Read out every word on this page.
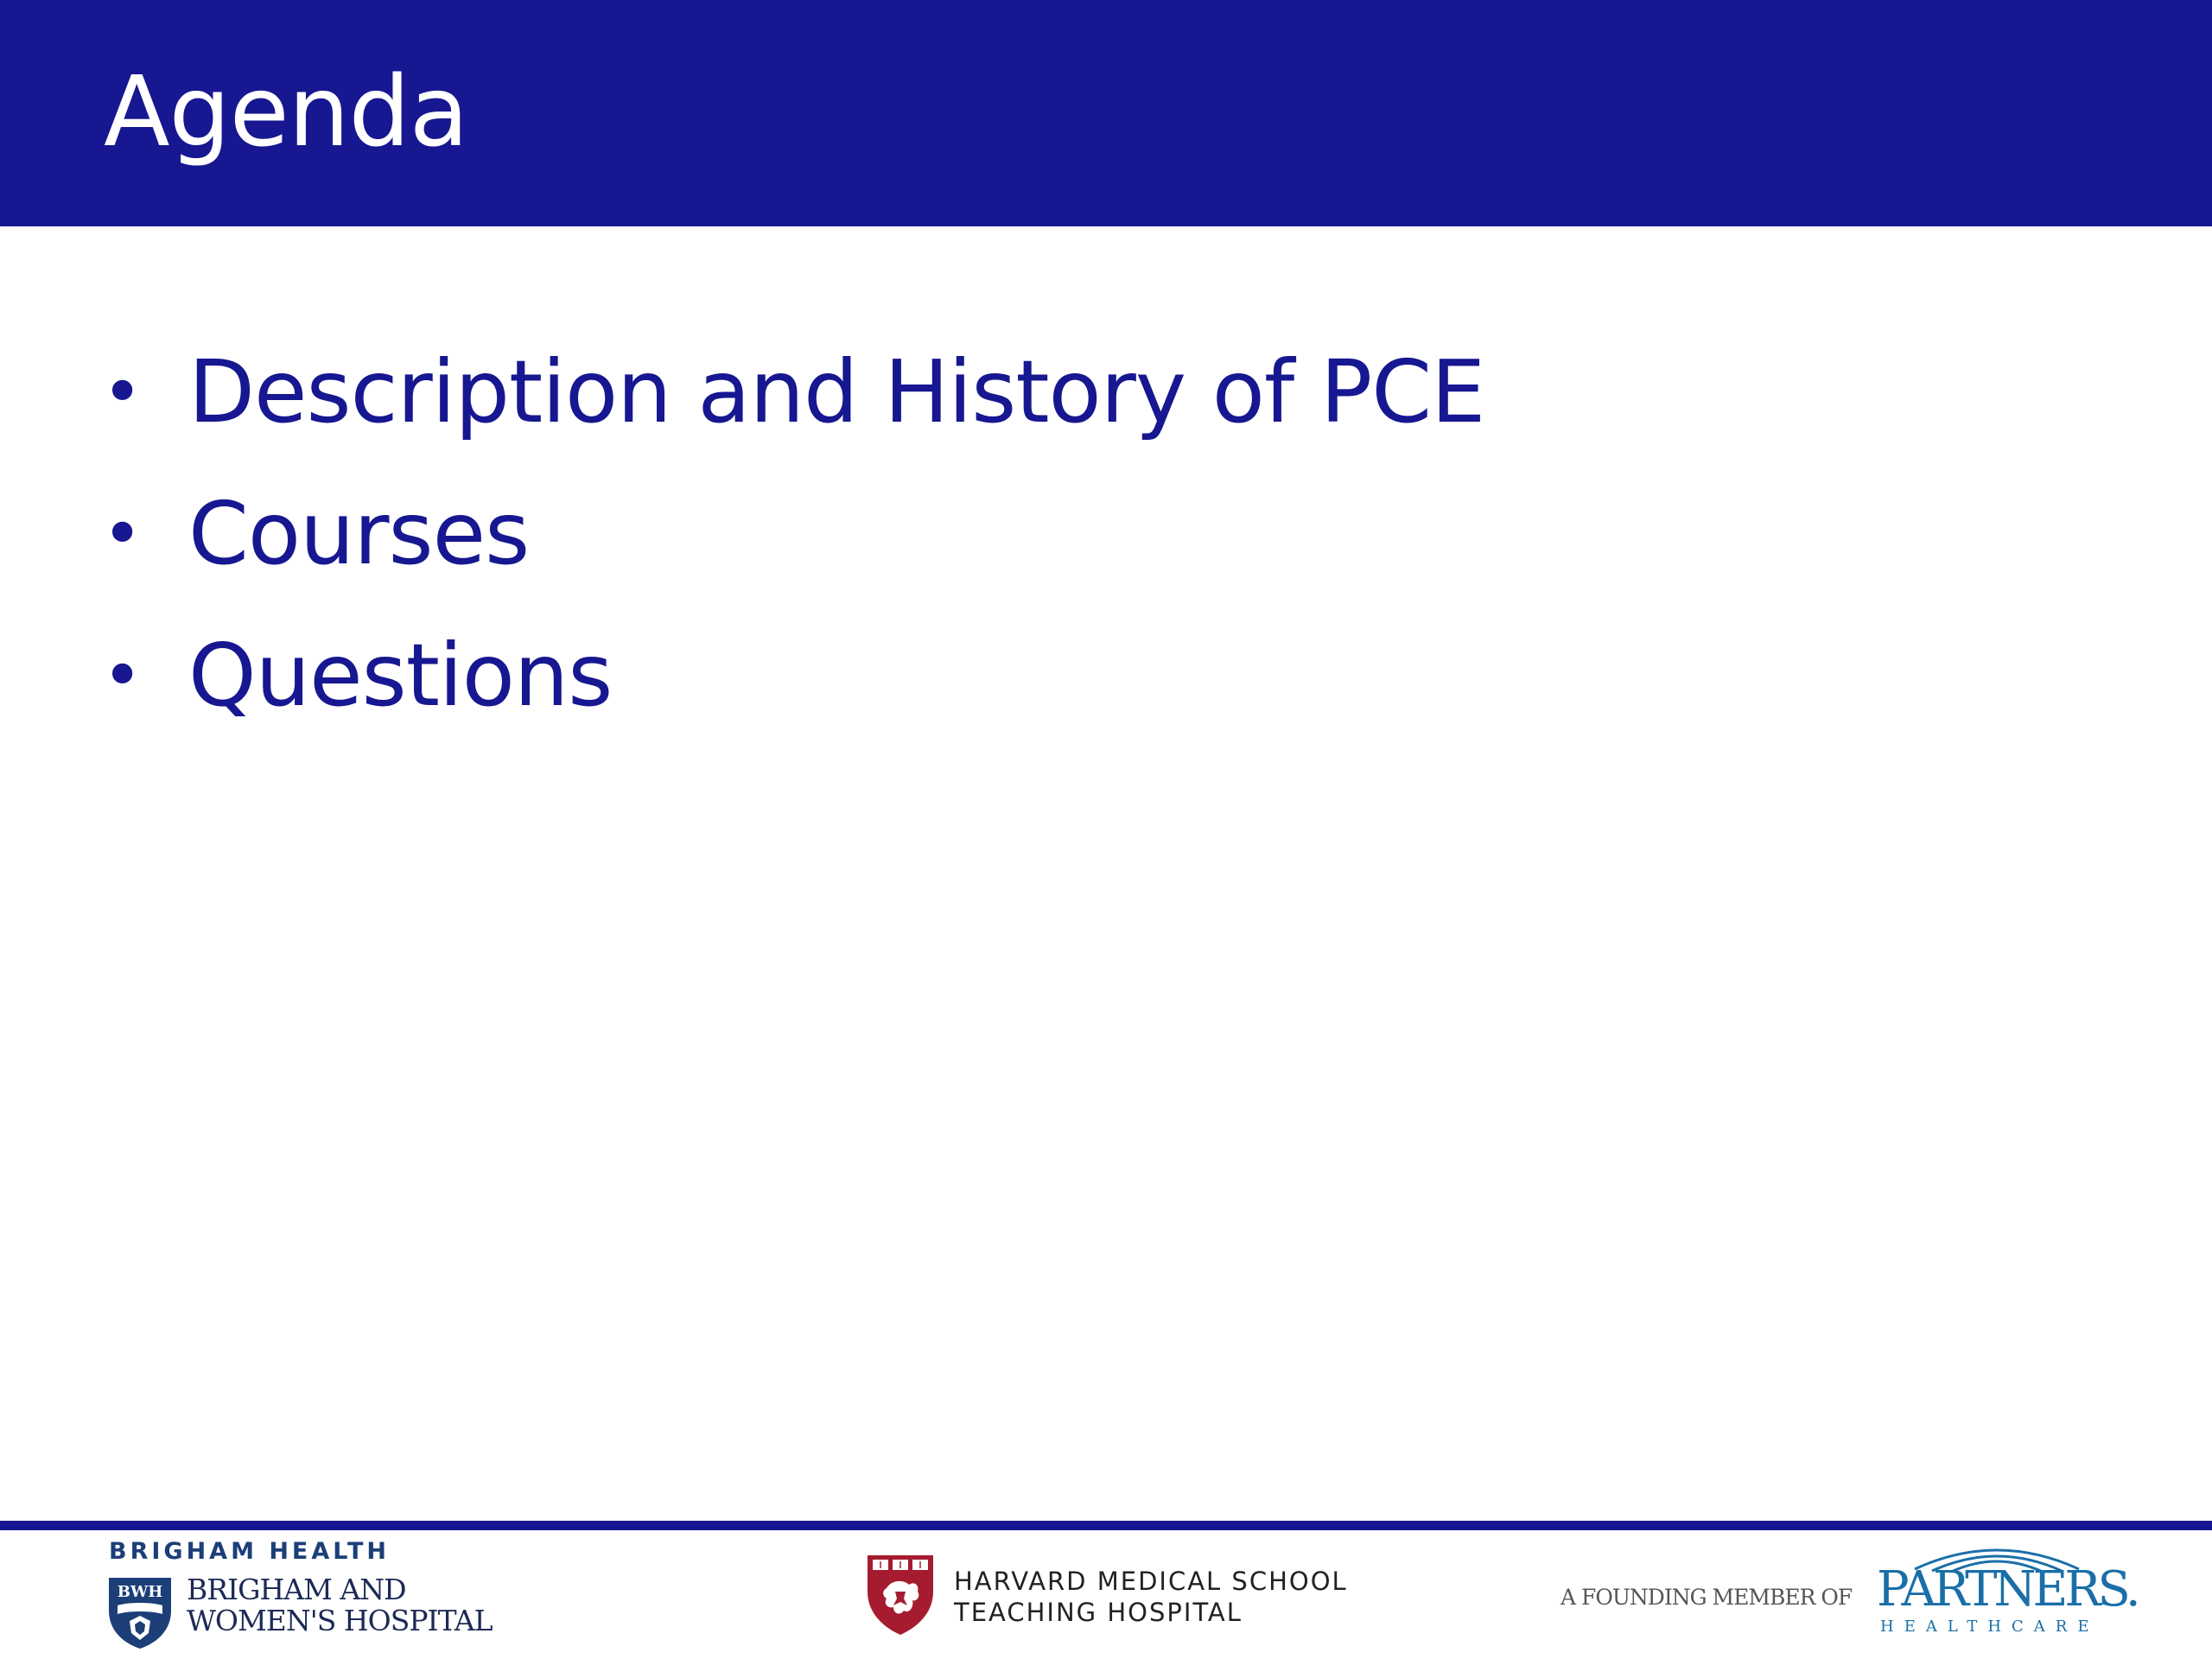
Agenda
• Description and History of PCE
• Courses
• Questions
BRIGHAM HEALTH
BWH BRIGHAM AND
WOMEN'S HOSPITAL
HARVARD MEDICAL SCHOOL
TEACHING HOSPITAL
A FOUNDING MEMBER OF PARTNERS.
HEALTHCARE
